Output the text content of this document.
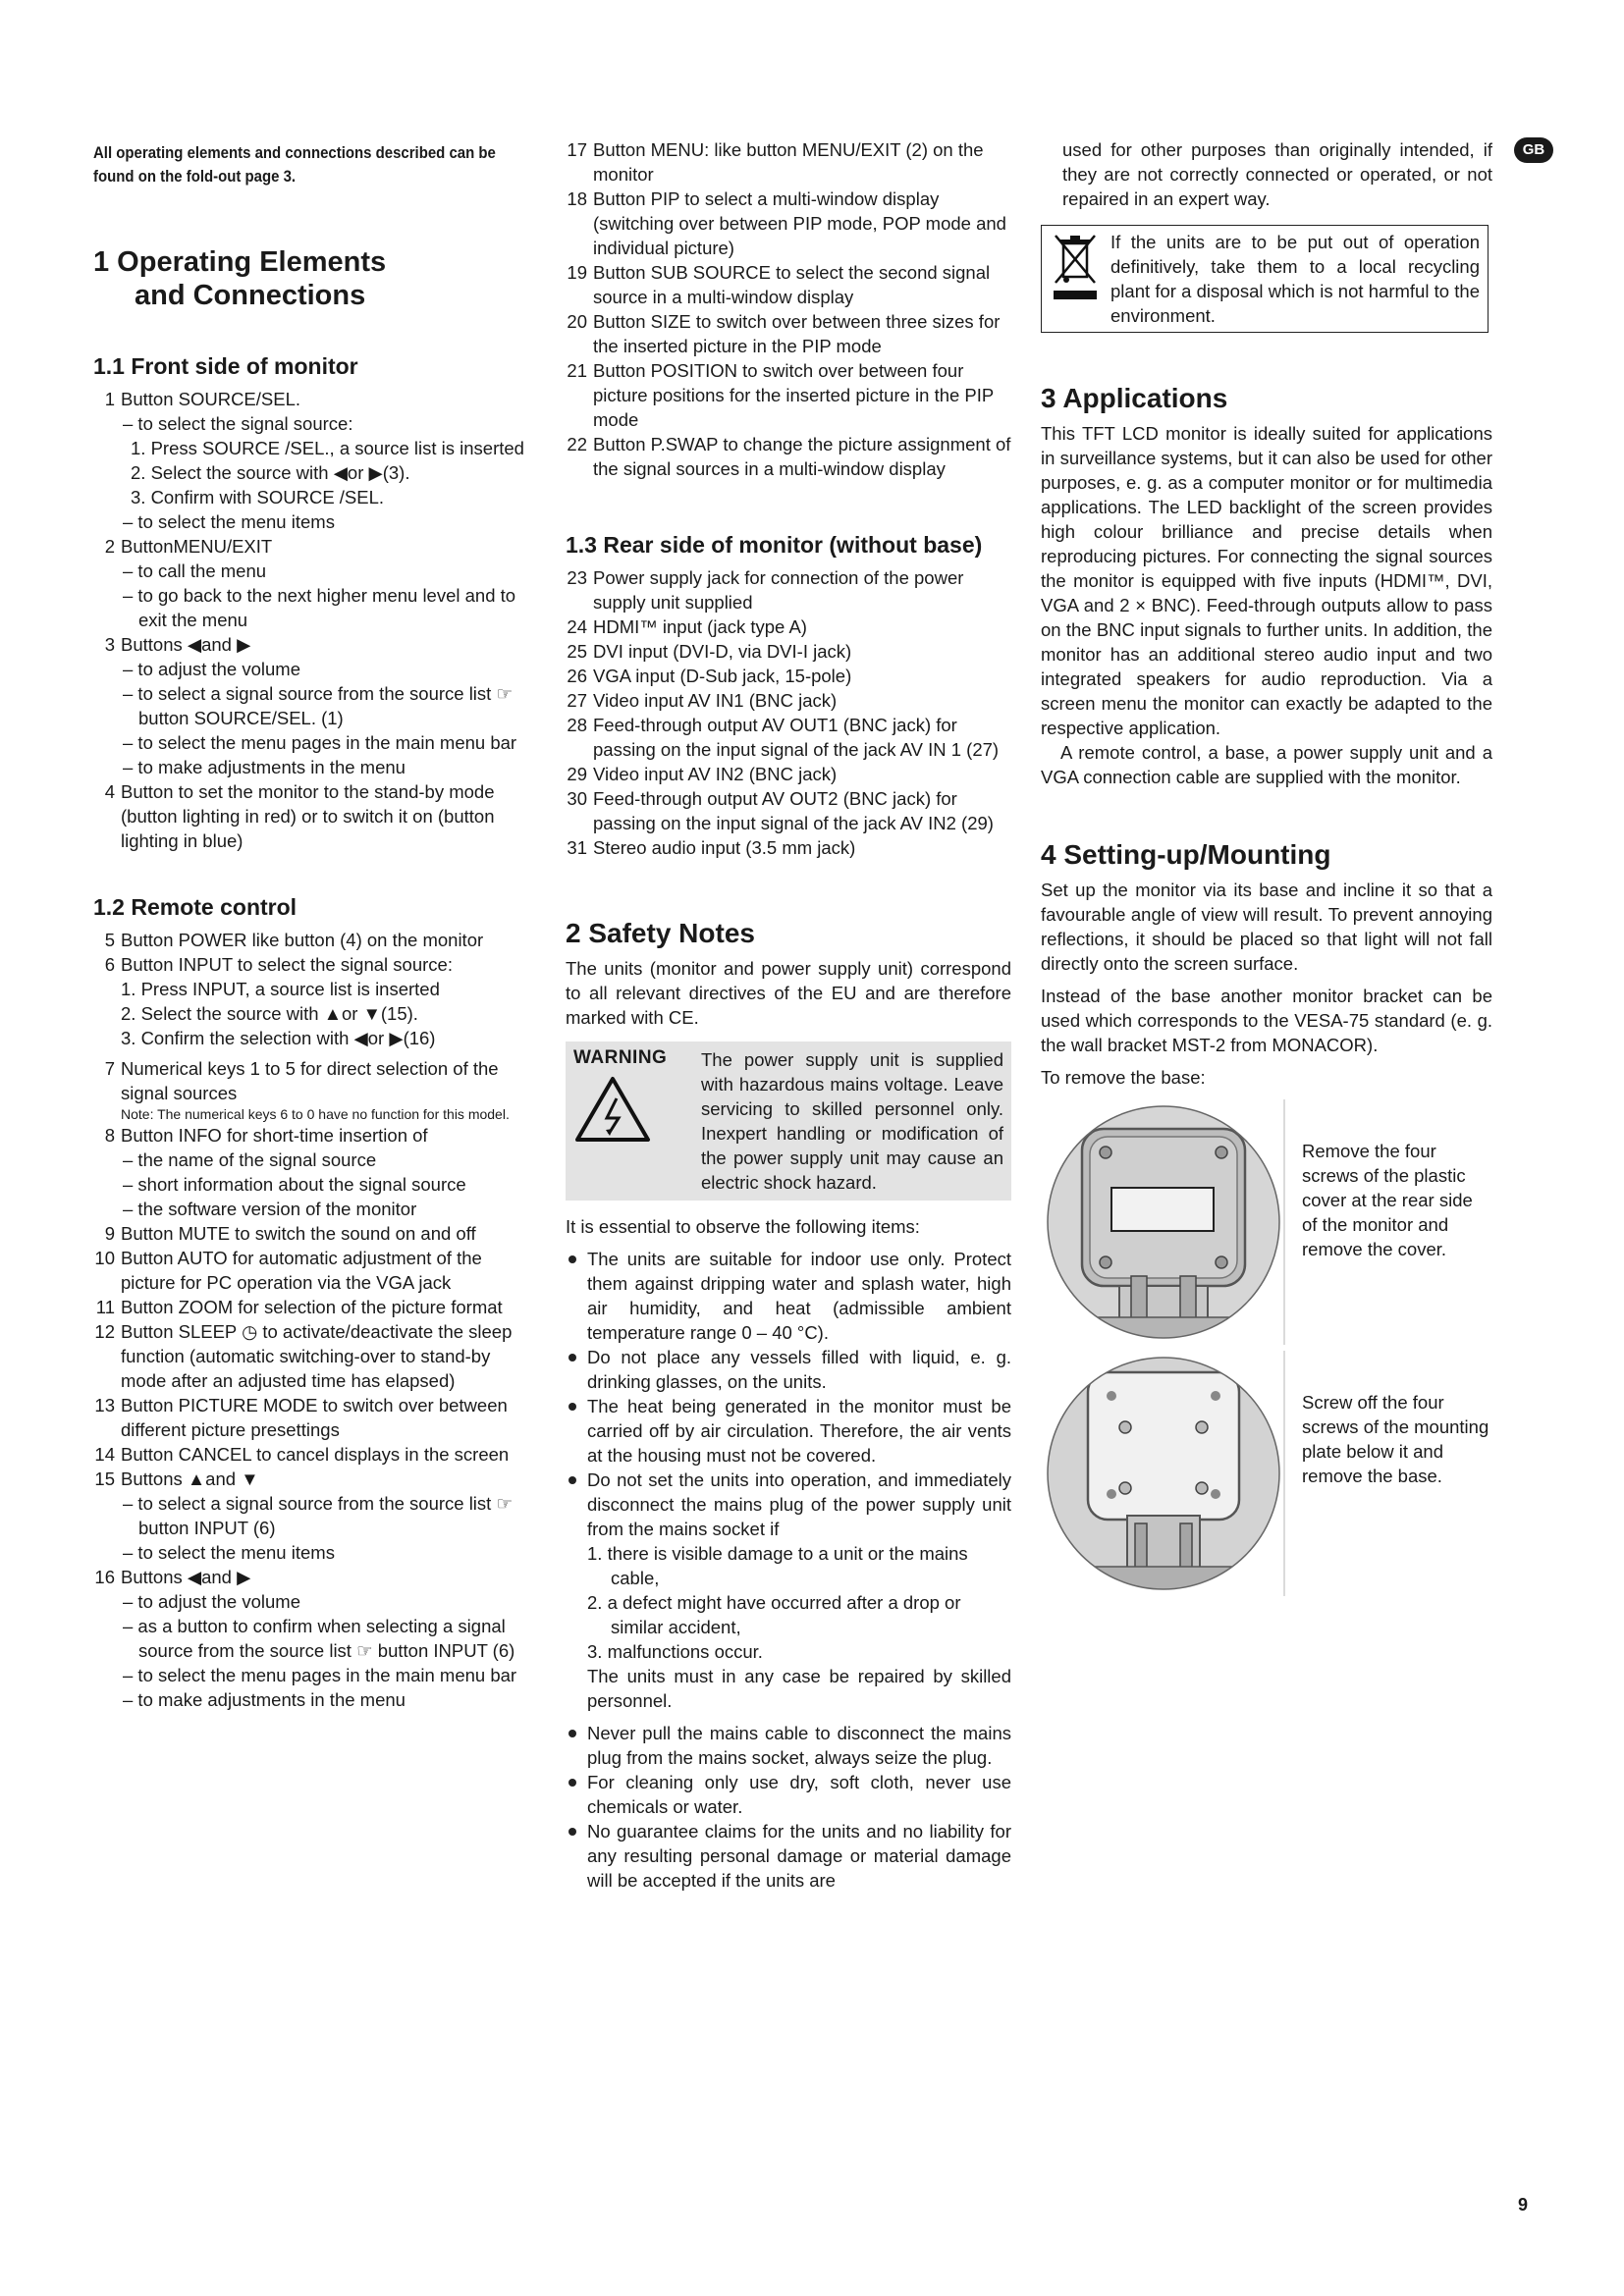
GB
All operating elements and connections described can be found on the fold-out page 3.
1 Operating Elements
and Connections
1.1 Front side of monitor

1 Button SOURCE/SEL.

– to select the signal source:

1. Press SOURCE /SEL., a source list is inserted

2. Select the source with ◀or ▶(3).

3. Confirm with SOURCE /SEL.

– to select the menu items

2 ButtonMENU/EXIT

– to call the menu

– to go back to the next higher menu level and to exit the menu

3 Buttons ◀and ▶

– to adjust the volume

– to select a signal source from the source list ☞ button SOURCE/SEL. (1)

– to select the menu pages in the main menu bar

– to make adjustments in the menu

4 Button to set the monitor to the stand-by mode (button lighting in red) or to switch it on (button lighting in blue)

1.2 Remote control

5 Button POWER like button (4) on the monitor

6 Button INPUT to select the signal source:

1. Press INPUT, a source list is inserted

2. Select the source with ▲or ▼(15).

3. Confirm the selection with ◀or ▶(16)

7 Numerical keys 1 to 5 for direct selection of the signal sources

Note: The numerical keys 6 to 0 have no function for this model.

8 Button INFO for short-time insertion of

– the name of the signal source

– short information about the signal source

– the software version of the monitor

9 Button MUTE to switch the sound on and off

10 Button AUTO for automatic adjustment of the picture for PC operation via the VGA jack

11 Button ZOOM for selection of the picture format

12 Button SLEEP ◷ to activate/deactivate the sleep function (automatic switching-over to stand-by mode after an adjusted time has elapsed)

13 Button PICTURE MODE to switch over between different picture presettings

14 Button CANCEL to cancel displays in the screen

15 Buttons ▲and ▼

– to select a signal source from the source list ☞ button INPUT (6)

– to select the menu items

16 Buttons ◀and ▶

– to adjust the volume

– as a button to confirm when selecting a signal source from the source list ☞ button INPUT (6)

– to select the menu pages in the main menu bar

– to make adjustments in the menu

17 Button MENU: like button MENU/EXIT (2) on the monitor

18 Button PIP to select a multi-window display (switching over between PIP mode, POP mode and individual picture)

19 Button SUB SOURCE to select the second signal source in a multi-window display

20 Button SIZE to switch over between three sizes for the inserted picture in the PIP mode

21 Button POSITION to switch over between four picture positions for the inserted picture in the PIP mode

22 Button P.SWAP to change the picture assignment of the signal sources in a multi-window display

1.3 Rear side of monitor (without base)

23 Power supply jack for connection of the power supply unit supplied

24 HDMI™ input (jack type A)

25 DVI input (DVI-D, via DVI-I jack)

26 VGA input (D-Sub jack, 15-pole)

27 Video input AV IN1 (BNC jack)

28 Feed-through output AV OUT1 (BNC jack) for passing on the input signal of the jack AV IN 1 (27)

29 Video input AV IN2 (BNC jack)

30 Feed-through output AV OUT2 (BNC jack) for passing on the input signal of the jack AV IN2 (29)

31 Stereo audio input (3.5 mm jack)

2 Safety Notes

The units (monitor and power supply unit) correspond to all relevant directives of the EU and are therefore marked with CE.

WARNING	The power supply unit is supplied with hazardous mains voltage. Leave servicing to skilled personnel only. Inexpert handling or modification of the power supply unit may cause an electric shock hazard.

It is essential to observe the following items:

The units are suitable for indoor use only. Protect them against dripping water and splash water, high air humidity, and heat (admissible ambient temperature range 0 – 40 °C).

Do not place any vessels filled with liquid, e. g. drinking glasses, on the units.

The heat being generated in the monitor must be carried off by air circulation. Therefore, the air vents at the housing must not be covered.

Do not set the units into operation, and immediately disconnect the mains plug of the power supply unit from the mains socket if
1. there is visible damage to a unit or the mains cable,
2. a defect might have occurred after a drop or similar accident,
3. malfunctions occur.
The units must in any case be repaired by skilled personnel.

Never pull the mains cable to disconnect the mains plug from the mains socket, always seize the plug.

For cleaning only use dry, soft cloth, never use chemicals or water.

No guarantee claims for the units and no liability for any resulting personal damage or material damage will be accepted if the units are

used for other purposes than originally intended, if they are not correctly connected or operated, or not repaired in an expert way.

If the units are to be put out of operation definitively, take them to a local recycling plant for a disposal which is not harmful to the environment.
3 Applications

This TFT LCD monitor is ideally suited for applications in surveillance systems, but it can also be used for other purposes, e. g. as a computer monitor or for multimedia applications. The LED backlight of the screen provides high colour brilliance and precise details when reproducing pictures. For connecting the signal sources the monitor is equipped with five inputs (HDMI™, DVI, VGA and 2 × BNC). Feed-through outputs allow to pass on the BNC input signals to further units. In addition, the monitor has an additional stereo audio input and two integrated speakers for audio reproduction. Via a screen menu the monitor can exactly be adapted to the respective application.

A remote control, a base, a power supply unit and a VGA connection cable are supplied with the monitor.

4 Setting-up/Mounting

Set up the monitor via its base and incline it so that a favourable angle of view will result. To prevent annoying reflections, it should be placed so that light will not fall directly onto the screen surface.

Instead of the base another monitor bracket can be used which corresponds to the VESA-75 standard (e. g. the wall bracket MST-2 from MONACOR).

To remove the base:

Remove the four screws of the plastic cover at the rear side of the monitor and remove the cover.
Screw off the four screws of the mounting plate below it and remove the base.
9
